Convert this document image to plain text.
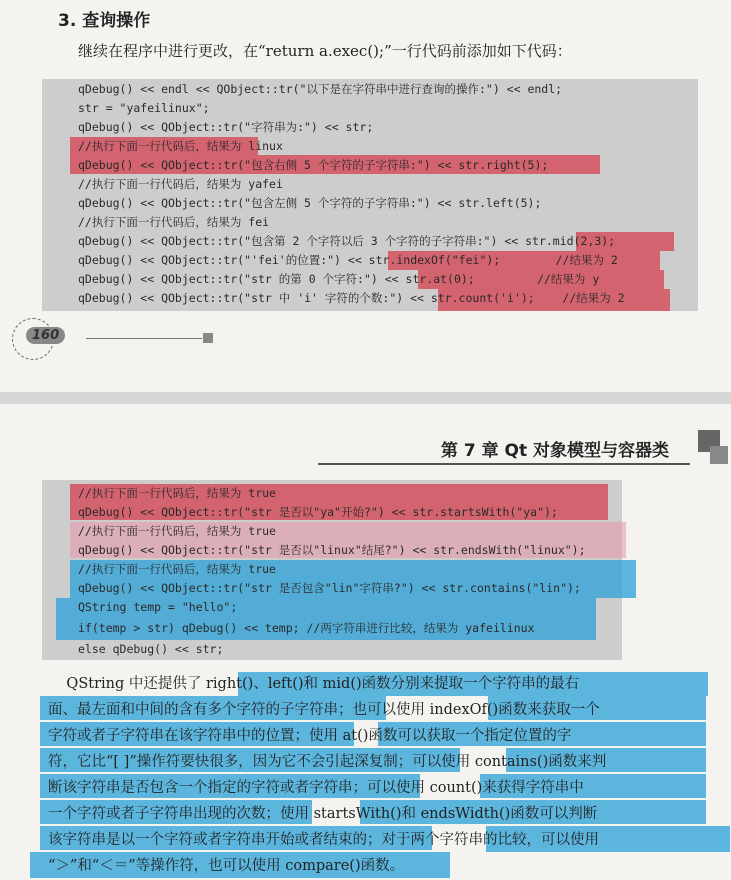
3. 查询操作
继续在程序中进行更改，在“return a.exec();”一行代码前添加如下代码：
qDebug() << endl << QObject::tr("以下是在字符串中进行查询的操作:") << endl;
str = "yafeilinux";
qDebug() << QObject::tr("字符串为:") << str;
//执行下面一行代码后，结果为 linux
qDebug() << QObject::tr("包含右侧 5 个字符的子字符串:") << str.right(5);
//执行下面一行代码后，结果为 yafei
qDebug() << QObject::tr("包含左侧 5 个字符的子字符串:") << str.left(5);
//执行下面一行代码后，结果为 fei
qDebug() << QObject::tr("包含第 2 个字符以后 3 个字符的子字符串:") << str.mid(2,3);
qDebug() << QObject::tr("'fei'的位置:") << str.indexOf("fei");        //结果为 2
qDebug() << QObject::tr("str 的第 0 个字符:") << str.at(0);         //结果为 y
qDebug() << QObject::tr("str 中 'i' 字符的个数:") << str.count('i');    //结果为 2
160
第 7 章 Qt 对象模型与容器类
//执行下面一行代码后，结果为 true
qDebug() << QObject::tr("str 是否以"ya"开始?") << str.startsWith("ya");
//执行下面一行代码后，结果为 true
qDebug() << QObject::tr("str 是否以"linux"结尾?") << str.endsWith("linux");
//执行下面一行代码后，结果为 true
qDebug() << QObject::tr("str 是否包含"lin"字符串?") << str.contains("lin");
QString temp = "hello";
if(temp > str) qDebug() << temp; //两字符串进行比较，结果为 yafeilinux
else qDebug() << str;
QString 中还提供了 right()、left()和 mid()函数分别来提取一个字符串的最右
面、最左面和中间的含有多个字符的子字符串；也可以使用 indexOf()函数来获取一个
字符或者子字符串在该字符串中的位置；使用 at()函数可以获取一个指定位置的字
符，它比“[ ]”操作符要快很多，因为它不会引起深复制；可以使用 contains()函数来判
断该字符串是否包含一个指定的字符或者字符串；可以使用 count()来获得字符串中
一个字符或者子字符串出现的次数；使用 startsWith()和 endsWidth()函数可以判断
该字符串是以一个字符或者字符串开始或者结束的；对于两个字符串的比较，可以使用
“＞”和“＜＝”等操作符，也可以使用 compare()函数。
